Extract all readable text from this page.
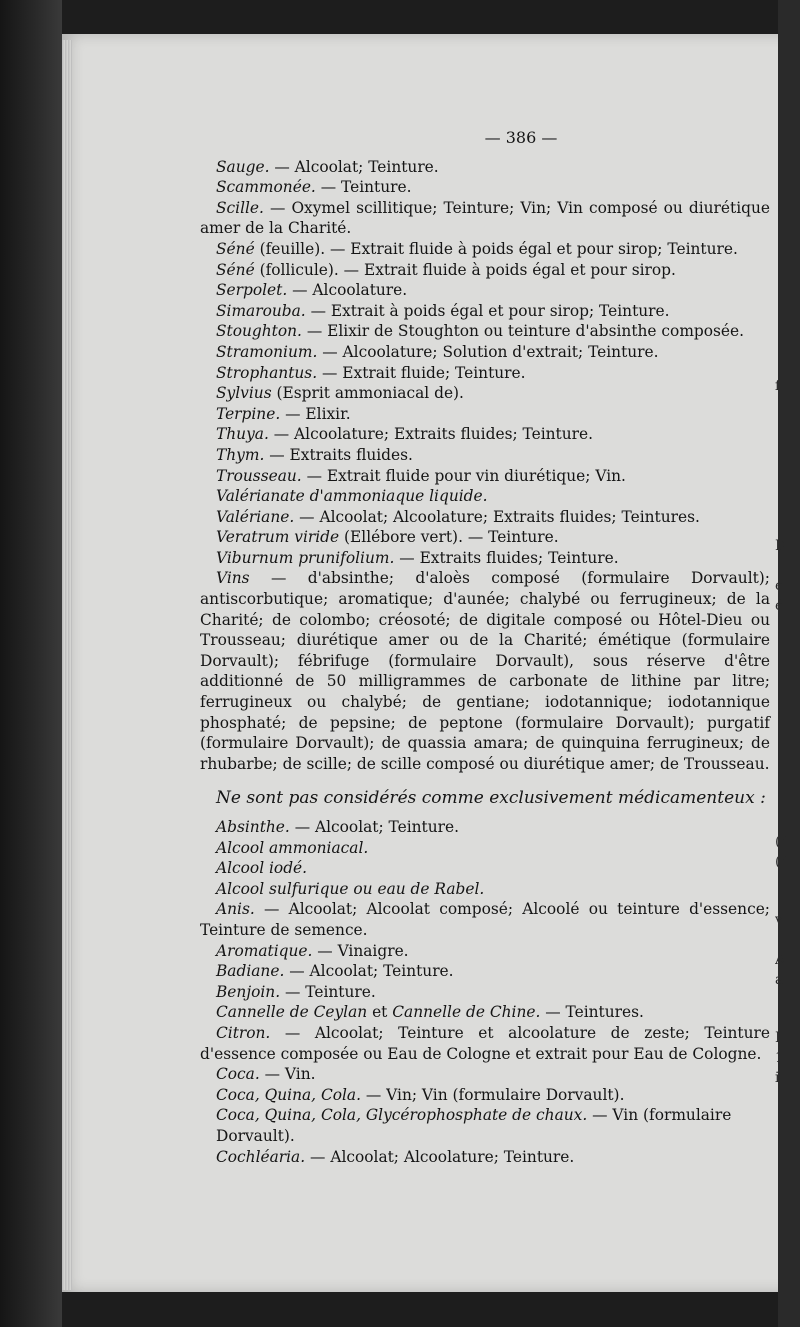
fl
D
e
é
(f
(f
v
A
a
I
1
i
— 386 —

Sauge. — Alcoolat; Teinture.

Scammonée. — Teinture.

Scille. — Oxymel scillitique; Teinture; Vin; Vin composé ou diurétique amer de la Charité.

Séné (feuille). — Extrait fluide à poids égal et pour sirop; Teinture.

Séné (follicule). — Extrait fluide à poids égal et pour sirop.

Serpolet. — Alcoolature.

Simarouba. — Extrait à poids égal et pour sirop; Teinture.

Stoughton. — Elixir de Stoughton ou teinture d'absinthe composée.

Stramonium. — Alcoolature; Solution d'extrait; Teinture.

Strophantus. — Extrait fluide; Teinture.

Sylvius (Esprit ammoniacal de).

Terpine. — Elixir.

Thuya. — Alcoolature; Extraits fluides; Teinture.

Thym. — Extraits fluides.

Trousseau. — Extrait fluide pour vin diurétique; Vin.

Valérianate d'ammoniaque liquide.

Valériane. — Alcoolat; Alcoolature; Extraits fluides; Teintures.

Veratrum viride (Ellébore vert). — Teinture.

Viburnum prunifolium. — Extraits fluides; Teinture.

Vins — d'absinthe; d'aloès composé (formulaire Dorvault); antiscorbutique; aromatique; d'aunée; chalybé ou ferrugineux; de la Charité; de colombo; créosoté; de digitale composé ou Hôtel-Dieu ou Trousseau; diurétique amer ou de la Charité; émétique (formulaire Dorvault); fébrifuge (formulaire Dorvault), sous réserve d'être additionné de 50 milligrammes de carbonate de lithine par litre; ferrugineux ou chalybé; de gentiane; iodotannique; iodotannique phosphaté; de pepsine; de peptone (formulaire Dorvault); purgatif (formulaire Dorvault); de quassia amara; de quinquina ferrugineux; de rhubarbe; de scille; de scille composé ou diurétique amer; de Trousseau.

Ne sont pas considérés comme exclusivement médicamenteux :

Absinthe. — Alcoolat; Teinture.

Alcool ammoniacal.

Alcool iodé.

Alcool sulfurique ou eau de Rabel.

Anis. — Alcoolat; Alcoolat composé; Alcoolé ou teinture d'essence; Teinture de semence.

Aromatique. — Vinaigre.

Badiane. — Alcoolat; Teinture.

Benjoin. — Teinture.

Cannelle de Ceylan et Cannelle de Chine. — Teintures.

Citron. — Alcoolat; Teinture et alcoolature de zeste; Teinture d'essence composée ou Eau de Cologne et extrait pour Eau de Cologne.

Coca. — Vin.

Coca, Quina, Cola. — Vin; Vin (formulaire Dorvault).

Coca, Quina, Cola, Glycérophosphate de chaux. — Vin (formulaire Dorvault).

Cochléaria. — Alcoolat; Alcoolature; Teinture.
